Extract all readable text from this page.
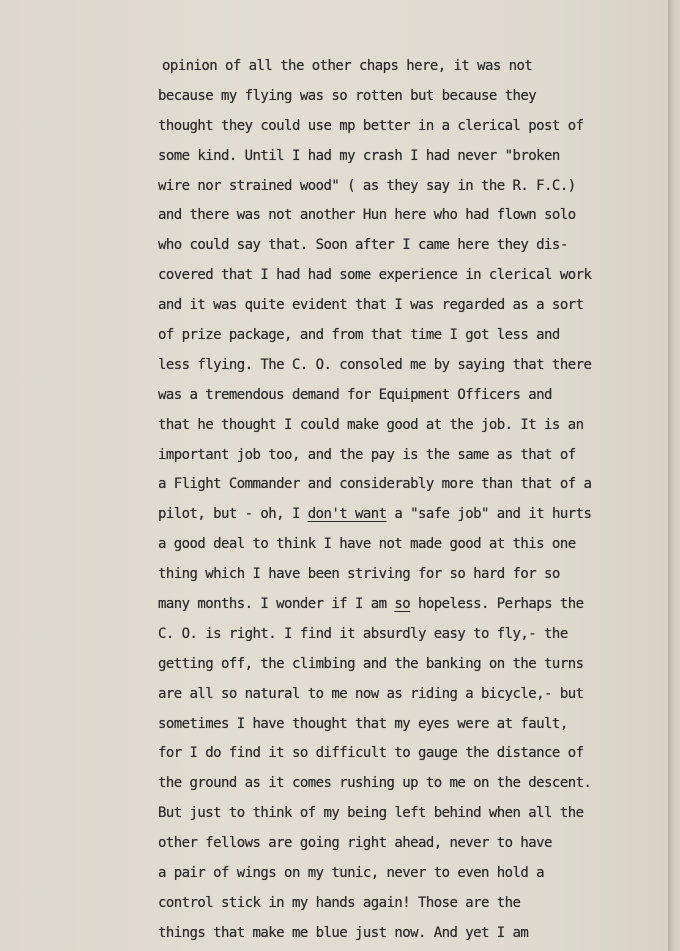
opinion of all the other chaps here, it was not
because my flying was so rotten but because they
thought they could use mp better in a clerical post of
some kind. Until I had my crash I had never "broken
wire nor strained wood" ( as they say in the R. F.C.)
and there was not another Hun here who had flown solo
who could say that. Soon after I came here they dis-
covered that I had had some experience in clerical work
and it was quite evident that I was regarded as a sort
of prize package, and from that time I got less and
less flying. The C. O. consoled me by saying that there
was a tremendous demand for Equipment Officers and
that he thought I could make good at the job. It is an
important job too, and the pay is the same as that of
a Flight Commander and considerably more than that of a
pilot, but - oh, I don't want a "safe job" and it hurts
a good deal to think I have not made good at this one
thing which I have been striving for so hard for so
many months. I wonder if I am so hopeless. Perhaps the
C. O. is right. I find it absurdly easy to fly,- the
getting off, the climbing and the banking on the turns
are all so natural to me now as riding a bicycle,- but
sometimes I have thought that my eyes were at fault,
for I do find it so difficult to gauge the distance of
the ground as it comes rushing up to me on the descent.
But just to think of my being left behind when all the
other fellows are going right ahead, never to have
a pair of wings on my tunic, never to even hold a
control stick in my hands again! Those are the
things that make me blue just now. And yet I am
